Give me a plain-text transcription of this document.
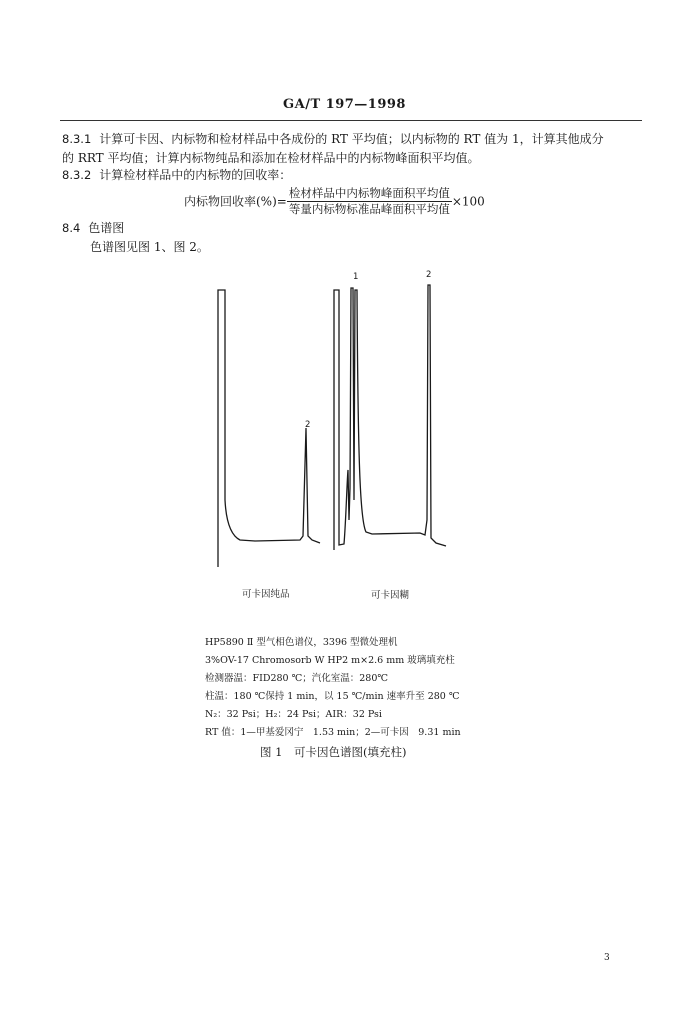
GA/T 197—1998
8.3.1 计算可卡因、内标物和检材样品中各成份的 RT 平均值；以内标物的 RT 值为 1，计算其他成分
的 RRT 平均值；计算内标物纯品和添加在检材样品中的内标物峰面积平均值。
8.3.2 计算检材样品中的内标物的回收率：
内标物回收率(%)= $\frac{\text{检材样品中内标物峰面积平均值}}{\text{等量内标物标准品峰面积平均值}} \times 100$
8.4 色谱图
色谱图见图 1、图 2。
2
1	2
可卡因纯品	可卡因糊
HP5890 Ⅱ 型气相色谱仪，3396 型微处理机
3%OV-17 Chromosorb W HP2 m×2.6 mm 玻璃填充柱
检测器温：FID280 ℃；汽化室温：280℃
柱温：180 ℃保持 1 min，以 15 ℃/min 速率升至 280 ℃
N₂：32 Psi；H₂：24 Psi；AIR：32 Psi
RT 值：1—甲基爱冈宁　1.53 min；2—可卡因　9.31 min
图 1　可卡因色谱图(填充柱)
3
